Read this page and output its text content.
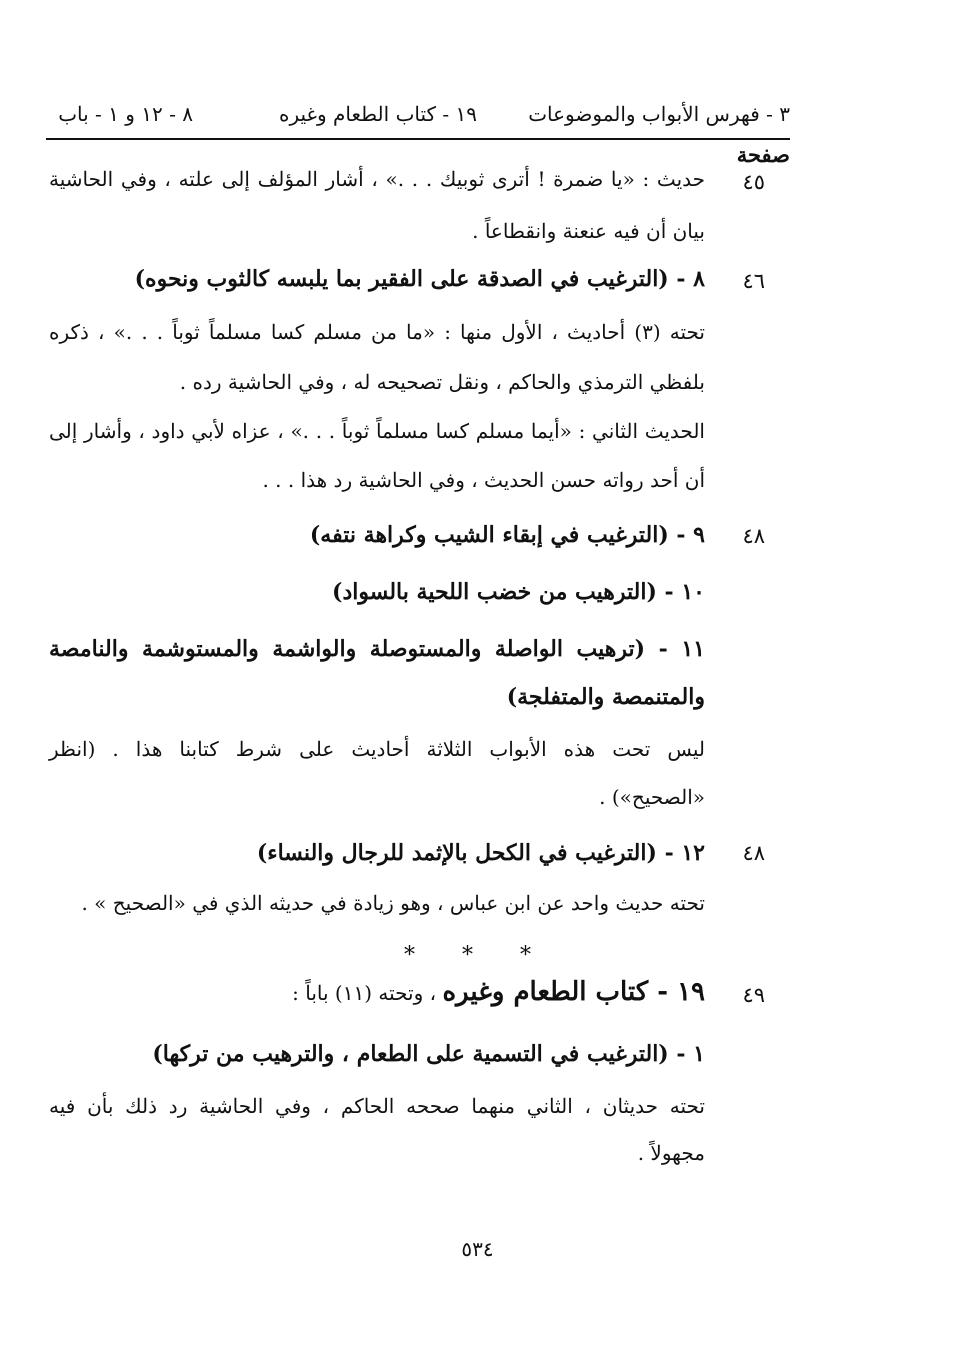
٣ - فهرس الأبواب والموضوعات
١٩ - كتاب الطعام وغيره
٨ - ١٢ و ١ - باب
صفحة
٤٥
حديث : «يا ضمرة ! أترى ثوبيك . . .» ، أشار المؤلف إلى علته ، وفي الحاشية
بيان أن فيه عنعنة وانقطاعاً .
٤٦
٨ - (الترغيب في الصدقة على الفقير بما يلبسه كالثوب ونحوه)
تحته (٣) أحاديث ، الأول منها : «ما من مسلم كسا مسلماً ثوباً . . .» ، ذكره
بلفظي الترمذي والحاكم ، ونقل تصحيحه له ، وفي الحاشية رده .
الحديث الثاني : «أيما مسلم كسا مسلماً ثوباً . . .» ، عزاه لأبي داود ، وأشار إلى
أن أحد رواته حسن الحديث ، وفي الحاشية رد هذا . . .
٤٨
٩ - (الترغيب في إبقاء الشيب وكراهة نتفه)
١٠ - (الترهيب من خضب اللحية بالسواد)
١١ - (ترهيب الواصلة والمستوصلة والواشمة والمستوشمة والنامصة
والمتنمصة والمتفلجة)
ليس تحت هذه الأبواب الثلاثة أحاديث على شرط كتابنا هذا . (انظر
«الصحيح») .
٤٨
١٢ - (الترغيب في الكحل بالإثمد للرجال والنساء)
تحته حديث واحد عن ابن عباس ، وهو زيادة في حديثه الذي في «الصحيح » .
* * *
٤٩
١٩ - كتاب الطعام وغيره ، وتحته (١١) باباً :
١ - (الترغيب في التسمية على الطعام ، والترهيب من تركها)
تحته حديثان ، الثاني منهما صححه الحاكم ، وفي الحاشية رد ذلك بأن فيه
مجهولاً .
٥٣٤
